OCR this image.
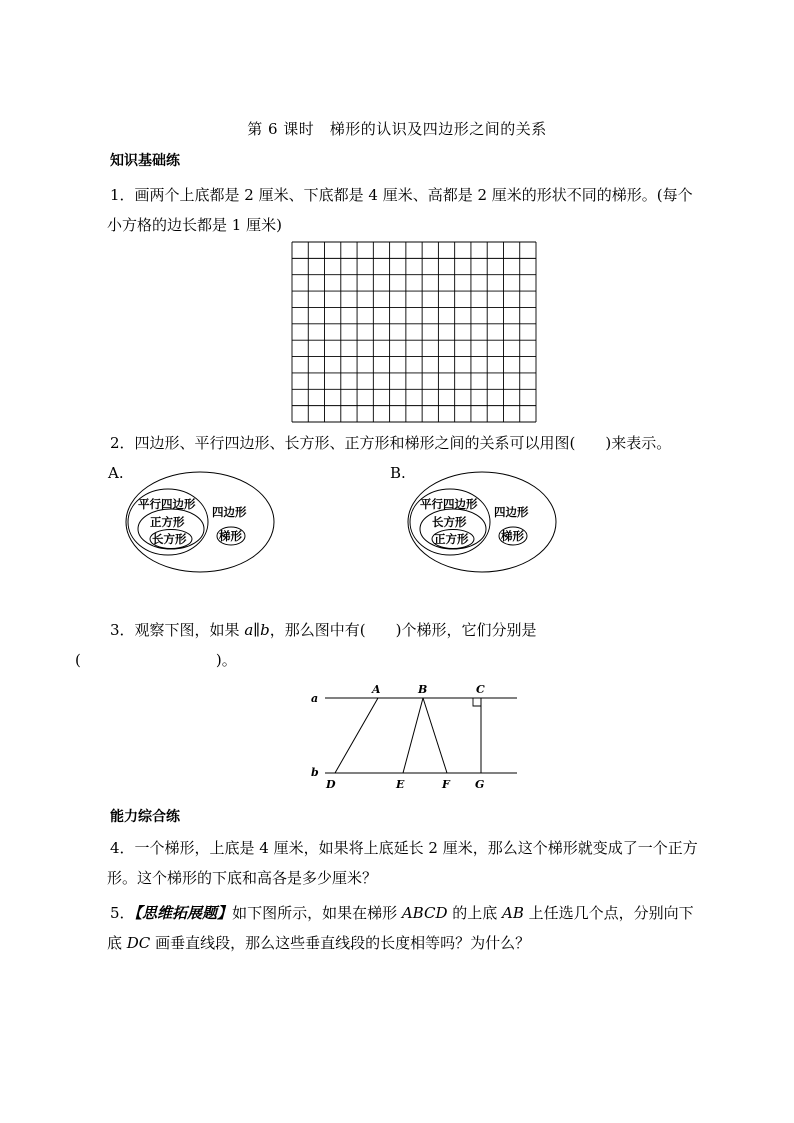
第 6 课时　梯形的认识及四边形之间的关系
知识基础练
1．画两个上底都是 2 厘米、下底都是 4 厘米、高都是 2 厘米的形状不同的梯形。(每个
小方格的边长都是 1 厘米)
2．四边形、平行四边形、长方形、正方形和梯形之间的关系可以用图(　　)来表示。
A.
平行四边形
正方形
长方形
四边形
梯形
B.
平行四边形
长方形
正方形
四边形
梯形
3．观察下图，如果 a∥b，那么图中有(　　)个梯形，它们分别是
(　　　　　　　　　)。
a
b
A	B	C
D	E	F G
能力综合练
4．一个梯形，上底是 4 厘米，如果将上底延长 2 厘米，那么这个梯形就变成了一个正方
形。这个梯形的下底和高各是多少厘米？
5．【思维拓展题】如下图所示，如果在梯形 ABCD 的上底 AB 上任选几个点，分别向下
底 DC 画垂直线段，那么这些垂直线段的长度相等吗？为什么？
